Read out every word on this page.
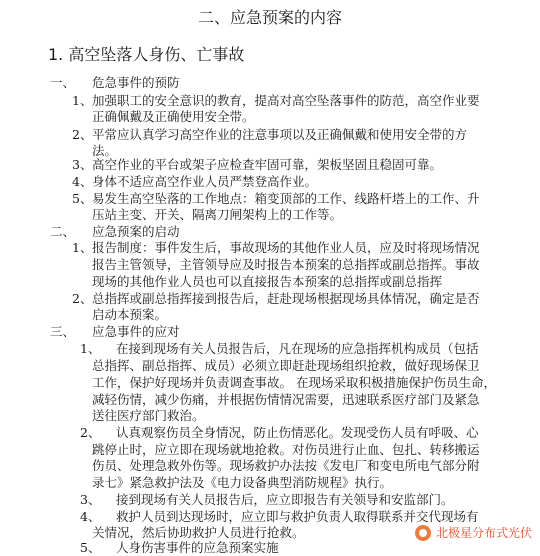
二、应急预案的内容
1. 高空坠落人身伤、亡事故
一、 危急事件的预防
1、 加强职工的安全意识的教育，提高对高空坠落事件的防范，高空作业要
正确佩戴及正确使用安全带。
2、 平常应认真学习高空作业的注意事项以及正确佩戴和使用安全带的方
法。
3、 高空作业的平台或架子应检查牢固可靠，架板坚固且稳固可靠。
4、 身体不适应高空作业人员严禁登高作业。
5、 易发生高空坠落的工作地点：箱变顶部的工作、线路杆塔上的工作、升
压站主变、开关、隔离刀闸架构上的工作等。
二、 应急预案的启动
1、 报告制度：事件发生后，事故现场的其他作业人员，应及时将现场情况
报告主管领导，主管领导应及时报告本预案的总指挥或副总指挥。事故
现场的其他作业人员也可以直接报告本预案的总指挥或副总指挥
2、 总指挥或副总指挥接到报告后，赶赴现场根据现场具体情况，确定是否
启动本预案。
三、 应急事件的应对
1、 在接到现场有关人员报告后，凡在现场的应急指挥机构成员（包括
总指挥、副总指挥、成员）必须立即赶赴现场组织抢救，做好现场保卫
工作，保护好现场并负责调查事故。 在现场采取积极措施保护伤员生命，
减轻伤情，减少伤痛，并根据伤情情况需要，迅速联系医疗部门及紧急
送往医疗部门救治。
2、 认真观察伤员全身情况，防止伤情恶化。发现受伤人员有呼吸、心
跳停止时，应立即在现场就地抢救。对伤员进行止血、包扎、转移搬运
伤员、处理急救外伤等。现场救护办法按《发电厂和变电所电气部分附
录七》紧急救护法及《电力设备典型消防规程》执行。
3、 接到现场有关人员报告后，应立即报告有关领导和安监部门。
4、 救护人员到达现场时，应立即与救护负责人取得联系并交代现场有
关情况，然后协助救护人员进行抢救。
5、 人身伤害事件的应急预案实施
北极星分布式光伏
